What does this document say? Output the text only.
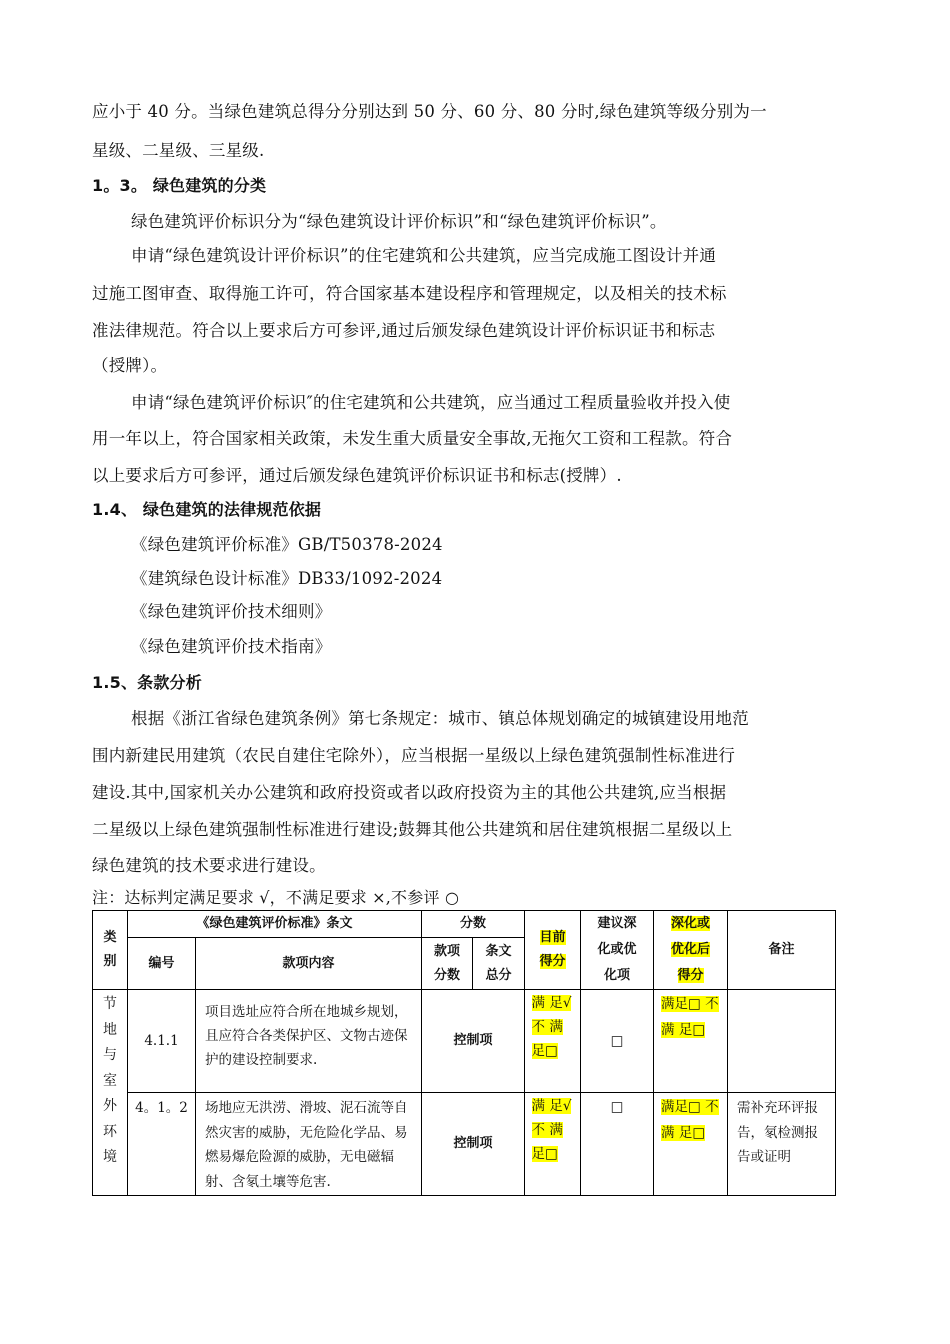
应小于 40 分。当绿色建筑总得分分别达到 50 分、60 分、80 分时,绿色建筑等级分别为一
星级、二星级、三星级.
1。3。 绿色建筑的分类
绿色建筑评价标识分为“绿色建筑设计评价标识”和“绿色建筑评价标识”。
申请“绿色建筑设计评价标识”的住宅建筑和公共建筑，应当完成施工图设计并通
过施工图审查、取得施工许可，符合国家基本建设程序和管理规定，以及相关的技术标
准法律规范。符合以上要求后方可参评,通过后颁发绿色建筑设计评价标识证书和标志
（授牌）。
申请“绿色建筑评价标识″的住宅建筑和公共建筑，应当通过工程质量验收并投入使
用一年以上，符合国家相关政策，未发生重大质量安全事故,无拖欠工资和工程款。符合
以上要求后方可参评，通过后颁发绿色建筑评价标识证书和标志(授牌）.
1.4、 绿色建筑的法律规范依据
《绿色建筑评价标准》GB/T50378-2024
《建筑绿色设计标准》DB33/1092-2024
《绿色建筑评价技术细则》
《绿色建筑评价技术指南》
1.5、条款分析
根据《浙江省绿色建筑条例》第七条规定：城市、镇总体规划确定的城镇建设用地范
围内新建民用建筑（农民自建住宅除外），应当根据一星级以上绿色建筑强制性标准进行
建设.其中,国家机关办公建筑和政府投资或者以政府投资为主的其他公共建筑,应当根据
二星级以上绿色建筑强制性标准进行建设;鼓舞其他公共建筑和居住建筑根据二星级以上
绿色建筑的技术要求进行建设。
注：达标判定满足要求 √，不满足要求 ×,不参评 ○
类别	《绿色建筑评价标准》条文		分数		目前得分	建议深化或优化项	深化或优化后得分	备注
	编号	款项内容	款项分数	条文总分				

节地与室外环境	4.1.1	项目选址应符合所在地城乡规划，且应符合各类保护区、文物古迹保护的建设控制要求.	控制项		满 足√ 不 满足□	□	满足□ 不 满 足□	

	4。1。2	场地应无洪涝、滑坡、泥石流等自然灾害的威胁，无危险化学品、易燃易爆危险源的威胁，无电磁辐射、含氡土壤等危害.	控制项		满 足√ 不 满足□	□	满足□ 不 满 足□	需补充环评报告，氡检测报告或证明
